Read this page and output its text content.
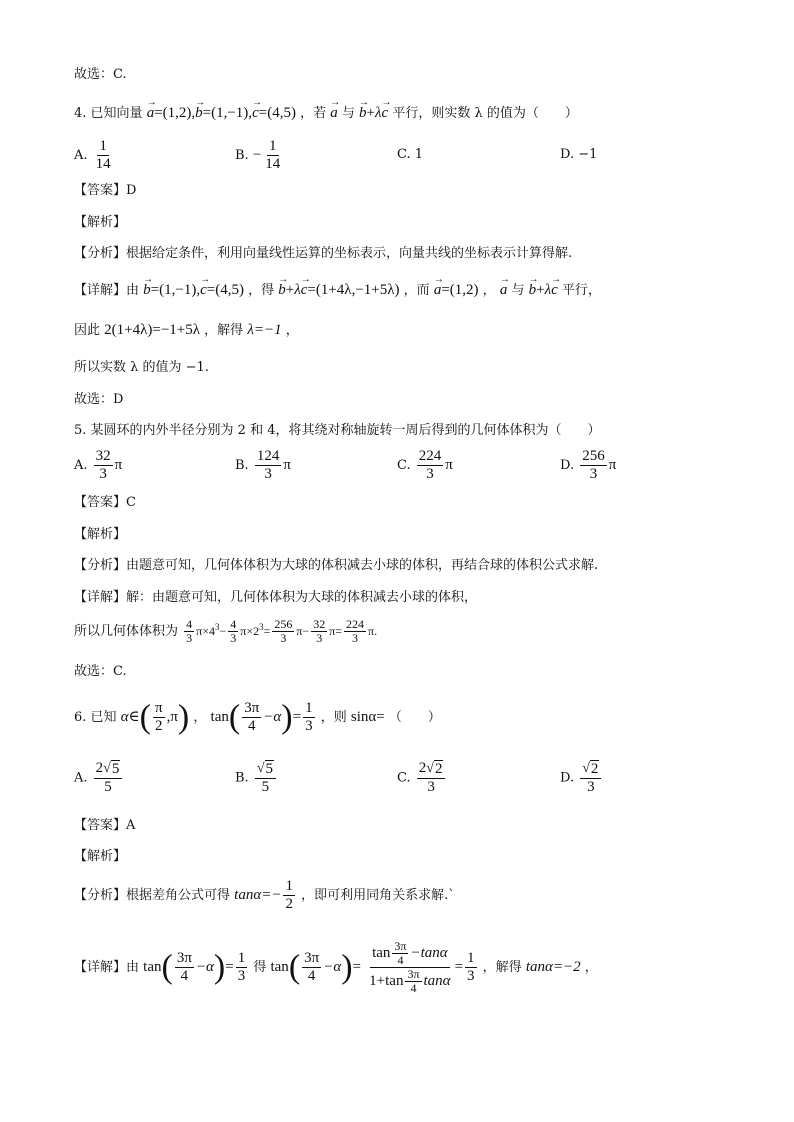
故选：C.
4. 已知向量 → a=(1,2),→ b=(1,−1),→ c=(4,5) ，若 → a 与 → b+λ→ c 平行，则实数 λ 的值为（　　）
A. $\frac{1}{14}$	B. − $\frac{1}{14}$	C. 1	D. −1
【答案】D
【解析】
【分析】根据给定条件，利用向量线性运算的坐标表示，向量共线的坐标表示计算得解.
【详解】由 → b=(1,−1),→ c=(4,5) ，得 → b+λ→ c=(1+4λ,−1+5λ) ，而 → a=(1,2) ， → a 与 → b+λ→ c 平行，
因此 2(1+4λ)=−1+5λ ，解得 λ=−1 ，
所以实数 λ 的值为 −1.
故选：D
5. 某圆环的内外半径分别为 2 和 4，将其绕对称轴旋转一周后得到的几何体体积为（　　）
A. $\frac{32}{3}$ π	B. $\frac{124}{3}$ π	C. $\frac{224}{3}$ π	D. $\frac{256}{3}$ π
【答案】C
【解析】
【分析】由题意可知，几何体体积为大球的体积减去小球的体积，再结合球的体积公式求解.
【详解】解：由题意可知，几何体体积为大球的体积减去小球的体积，
所以几何体体积为 $\frac{4}{3} \pi\times 4^3- \frac{4}{3} \pi\times 2^3= \frac{256}{3} \pi- \frac{32}{3} \pi= \frac{224}{3} \pi$.
故选：C.
6. 已知 α∈( $\frac{\pi}{2} ,\pi$) ， $\tan( \frac{3\pi}{4} -\alpha)= \frac{1}{3}$ ，则 sinα= （　　）
A. $\frac{2 √ 5}{5}$	B. $\frac{√ 5}{5}$	C. $\frac{2 √ 2}{3}$	D. $\frac{√ 2}{3}$
【答案】A
【解析】
【分析】根据差角公式可得 $\tan\alpha=- \frac{1}{2}$ ，即可利用同角关系求解.`
【详解】由 $\tan( \frac{3\pi}{4} -\alpha)= \frac{1}{3}$ 得 $\tan( \frac{3\pi}{4} -\alpha)= \frac{\tan \frac{3\pi}{4} -\tan\alpha}{1+\tan \frac{3\pi}{4} \tan\alpha} = \frac{1}{3}$ ，解得 tanα=−2 ，
